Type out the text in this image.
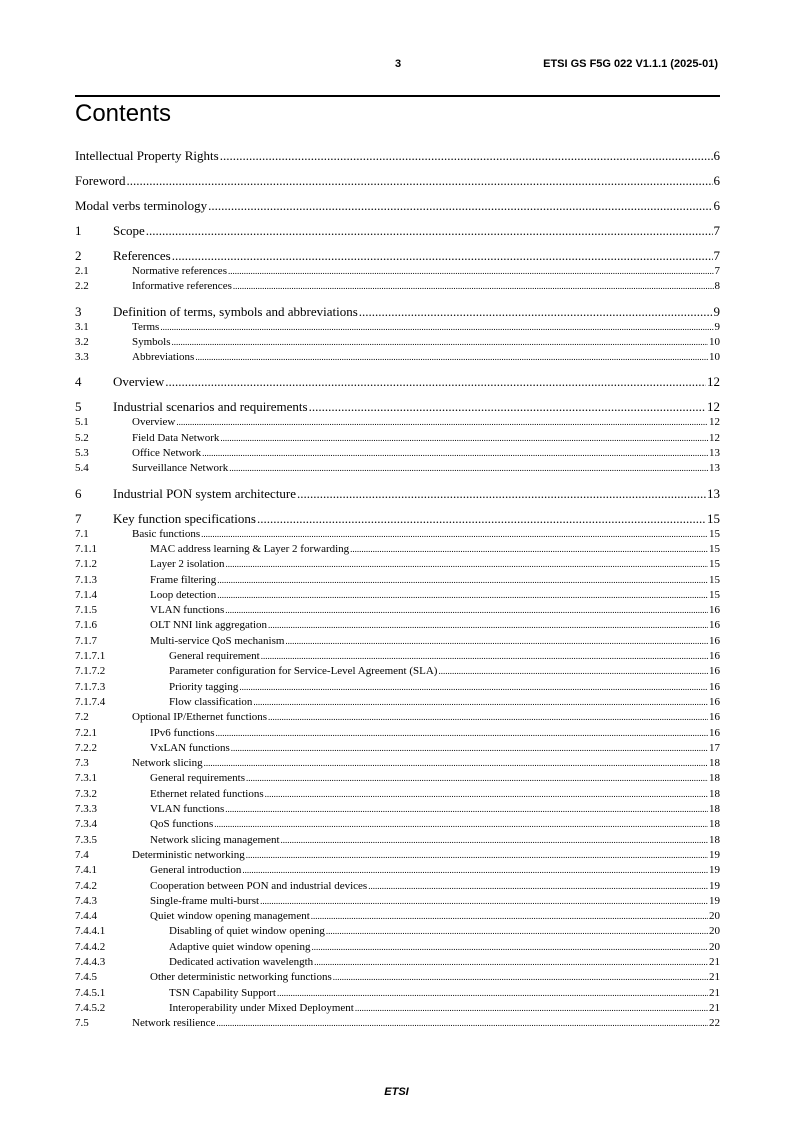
3	ETSI GS F5G 022 V1.1.1 (2025-01)
Contents
Intellectual Property Rights .....	6
Foreword .....	6
Modal verbs terminology .....	6
1	Scope .....	7
2	References .....	7
2.1	Normative references .....	7
2.2	Informative references .....	8
3	Definition of terms, symbols and abbreviations .....	9
3.1	Terms .....	9
3.2	Symbols .....	10
3.3	Abbreviations .....	10
4	Overview .....	12
5	Industrial scenarios and requirements .....	12
5.1	Overview .....	12
5.2	Field Data Network .....	12
5.3	Office Network .....	13
5.4	Surveillance Network .....	13
6	Industrial PON system architecture .....	13
7	Key function specifications .....	15
7.1	Basic functions .....	15
7.1.1	MAC address learning & Layer 2 forwarding .....	15
7.1.2	Layer 2 isolation .....	15
7.1.3	Frame filtering .....	15
7.1.4	Loop detection .....	15
7.1.5	VLAN functions .....	16
7.1.6	OLT NNI link aggregation .....	16
7.1.7	Multi-service QoS mechanism .....	16
7.1.7.1	General requirement .....	16
7.1.7.2	Parameter configuration for Service-Level Agreement (SLA) .....	16
7.1.7.3	Priority tagging .....	16
7.1.7.4	Flow classification .....	16
7.2	Optional IP/Ethernet functions .....	16
7.2.1	IPv6 functions .....	16
7.2.2	VxLAN functions .....	17
7.3	Network slicing .....	18
7.3.1	General requirements .....	18
7.3.2	Ethernet related functions .....	18
7.3.3	VLAN functions .....	18
7.3.4	QoS functions .....	18
7.3.5	Network slicing management .....	18
7.4	Deterministic networking .....	19
7.4.1	General introduction .....	19
7.4.2	Cooperation between PON and industrial devices .....	19
7.4.3	Single-frame multi-burst .....	19
7.4.4	Quiet window opening management .....	20
7.4.4.1	Disabling of quiet window opening .....	20
7.4.4.2	Adaptive quiet window opening .....	20
7.4.4.3	Dedicated activation wavelength .....	21
7.4.5	Other deterministic networking functions .....	21
7.4.5.1	TSN Capability Support .....	21
7.4.5.2	Interoperability under Mixed Deployment .....	21
7.5	Network resilience .....	22
ETSI
